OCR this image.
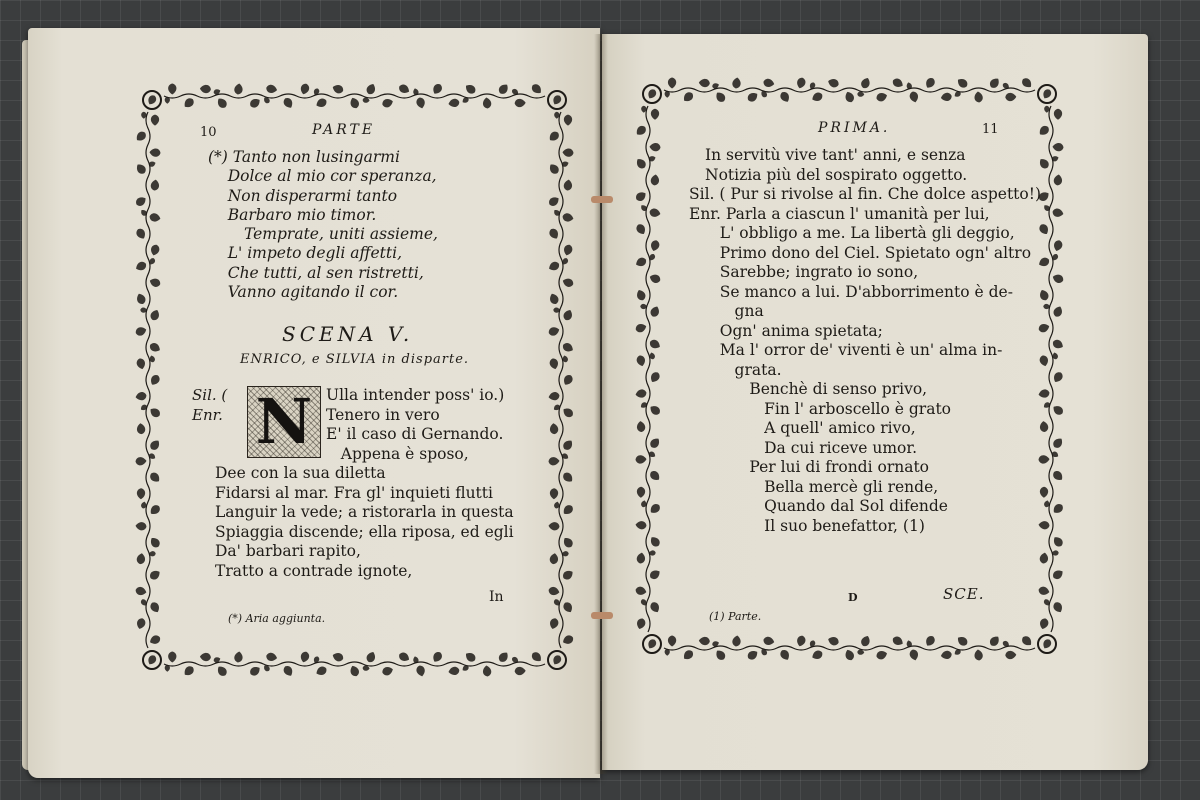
10	PARTE
(*) Tanto non lusingarmi
Dolce al mio cor speranza,
Non disperarmi tanto
Barbaro mio timor.
Temprate, uniti assieme,
L' impeto degli affetti,
Che tutti, al sen ristretti,
Vanno agitando il cor.
SCENA V.
ENRICO, e SILVIA in disparte.
Sil. (
Enr. N Ulla intender poss' io.)
Tenero in vero
E' il caso di Gernando.
Appena è sposo,
Dee con la sua diletta
Fidarsi al mar. Fra gl' inquieti flutti
Languir la vede; a ristorarla in questa
Spiaggia discende; ella riposa, ed egli
Da' barbari rapito,
Tratto a contrade ignote,
In
(*) Aria aggiunta.
PRIMA.	11
In servitù vive tant' anni, e senza
Notizia più del sospirato oggetto.
Sil. ( Pur si rivolse al fin. Che dolce aspetto!)
Enr. Parla a ciascun l' umanità per lui,
L' obbligo a me. La libertà gli deggio,
Primo dono del Ciel. Spietato ogn' altro
Sarebbe; ingrato io sono,
Se manco a lui. D'abborrimento è de-
gna
Ogn' anima spietata;
Ma l' orror de' viventi è un' alma in-
grata.
Benchè di senso privo,
Fin l' arboscello è grato
A quell' amico rivo,
Da cui riceve umor.
Per lui di frondi ornato
Bella mercè gli rende,
Quando dal Sol difende
Il suo benefattor, (1)
D	SCE.
(1) Parte.
